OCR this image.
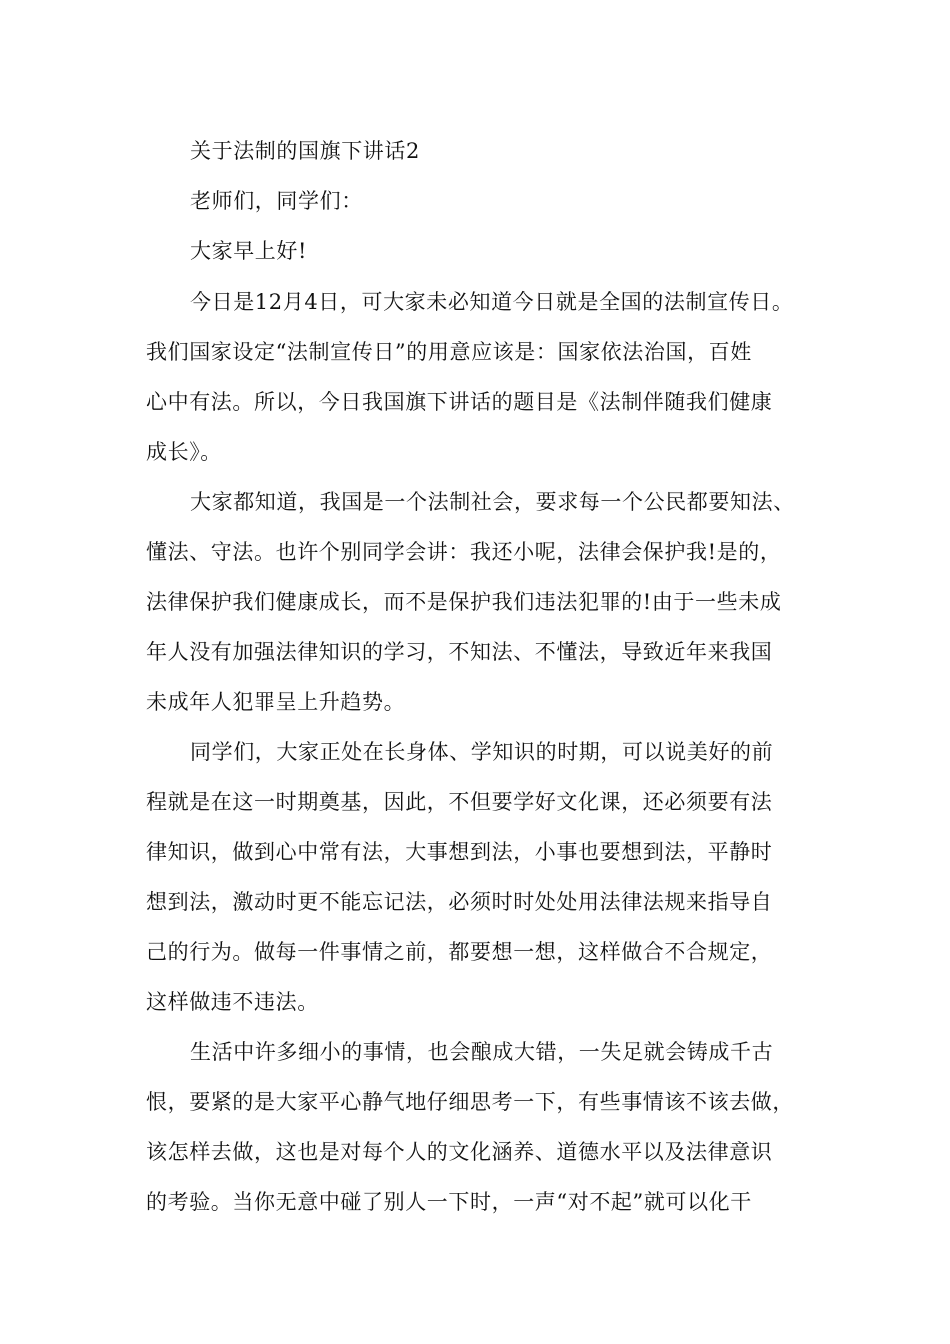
关于法制的国旗下讲话2

老师们，同学们：

大家早上好!

今日是12月4日，可大家未必知道今日就是全国的法制宣传日。

我们国家设定“法制宣传日”的用意应该是：国家依法治国，百姓

心中有法。所以，今日我国旗下讲话的题目是《法制伴随我们健康

成长》。

大家都知道，我国是一个法制社会，要求每一个公民都要知法、

懂法、守法。也许个别同学会讲：我还小呢，法律会保护我!是的，

法律保护我们健康成长，而不是保护我们违法犯罪的!由于一些未成

年人没有加强法律知识的学习，不知法、不懂法，导致近年来我国

未成年人犯罪呈上升趋势。

同学们，大家正处在长身体、学知识的时期，可以说美好的前

程就是在这一时期奠基，因此，不但要学好文化课，还必须要有法

律知识，做到心中常有法，大事想到法，小事也要想到法，平静时

想到法，激动时更不能忘记法，必须时时处处用法律法规来指导自

己的行为。做每一件事情之前，都要想一想，这样做合不合规定，

这样做违不违法。

生活中许多细小的事情，也会酿成大错，一失足就会铸成千古

恨，要紧的是大家平心静气地仔细思考一下，有些事情该不该去做，

该怎样去做，这也是对每个人的文化涵养、道德水平以及法律意识

的考验。当你无意中碰了别人一下时，一声“对不起”就可以化干
